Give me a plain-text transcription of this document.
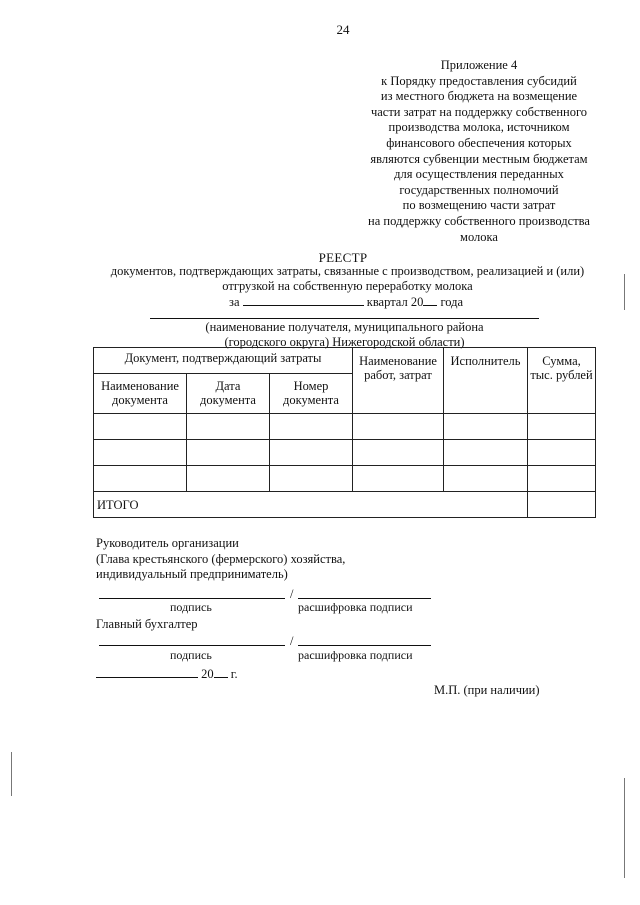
24
Приложение 4
к Порядку предоставления субсидий
из местного бюджета на возмещение
части затрат на поддержку собственного
производства молока, источником
финансового обеспечения которых
являются субвенции местным бюджетам
для осуществления переданных
государственных полномочий
по возмещению части затрат
на поддержку собственного производства
молока
РЕЕСТР
документов, подтверждающих затраты, связанные с производством, реализацией и (или)
отгрузкой на собственную переработку молока
за	квартал 20 года
(наименование получателя, муниципального района
(городского округа) Нижегородской области)
Документ, подтверждающий затраты			Наименование работ, затрат	Исполнитель	Сумма, тыс. рублей
Наименование документа	Дата документа	Номер документа			

ИТОГО					
Руководитель организации
(Глава крестьянского (фермерского) хозяйства,
индивидуальный предприниматель)
/
подпись	расшифровка подписи
Главный бухгалтер
/
подпись	расшифровка подписи
20 г.
М.П. (при наличии)
